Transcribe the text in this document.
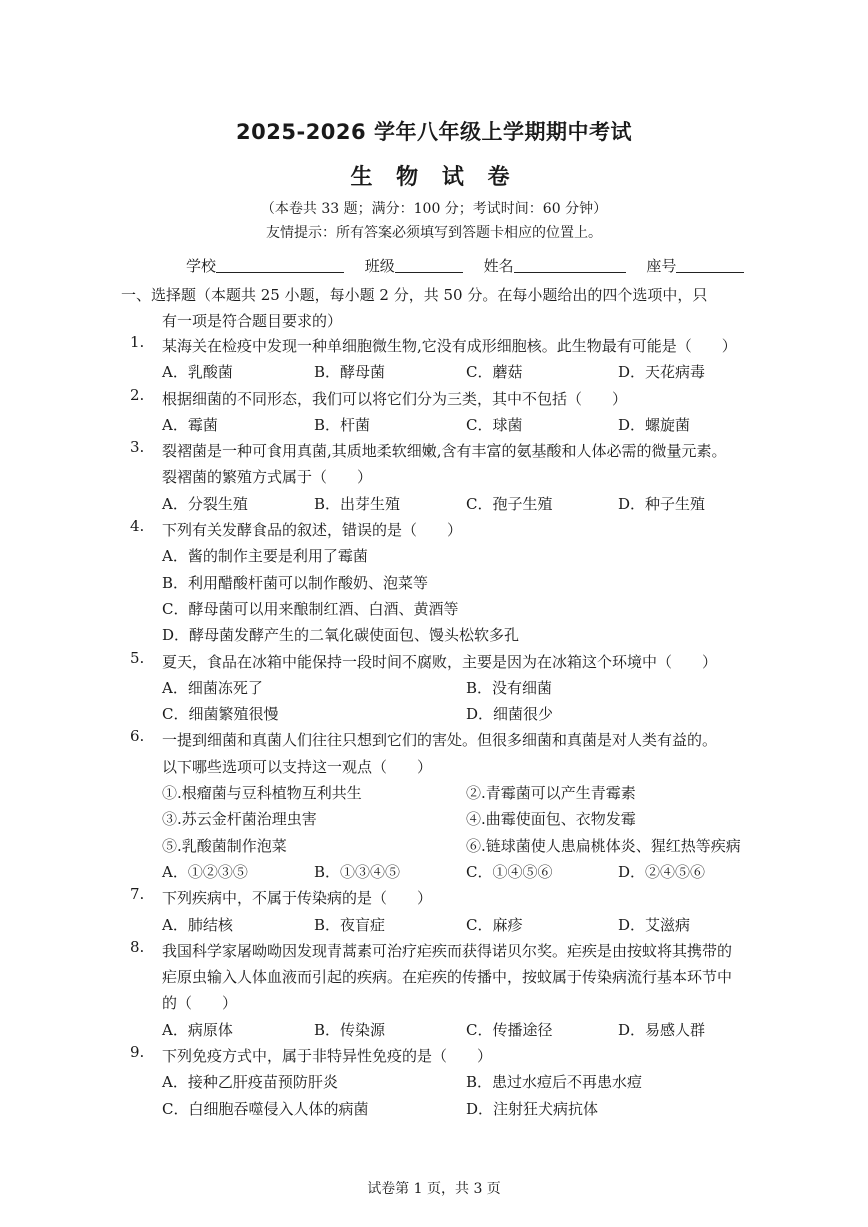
2025-2026 学年八年级上学期期中考试
生 物 试 卷
（本卷共 33 题；满分：100 分；考试时间：60 分钟）
友情提示：所有答案必须填写到答题卡相应的位置上。
学校	班级	姓名	座号
一、选择题（本题共 25 小题，每小题 2 分，共 50 分。在每小题给出的四个选项中，只
有一项是符合题目要求的）
1. 某海关在检疫中发现一种单细胞微生物,它没有成形细胞核。此生物最有可能是（　　）
A．乳酸菌	B．酵母菌	C．蘑菇	D．天花病毒
2. 根据细菌的不同形态，我们可以将它们分为三类，其中不包括（　　）
A．霉菌	B．杆菌	C．球菌	D．螺旋菌
3. 裂褶菌是一种可食用真菌,其质地柔软细嫩,含有丰富的氨基酸和人体必需的微量元素。
裂褶菌的繁殖方式属于（　　）
A．分裂生殖	B．出芽生殖	C．孢子生殖	D．种子生殖
4. 下列有关发酵食品的叙述，错误的是（　　）
A．酱的制作主要是利用了霉菌
B．利用醋酸杆菌可以制作酸奶、泡菜等
C．酵母菌可以用来酿制红酒、白酒、黄酒等
D．酵母菌发酵产生的二氧化碳使面包、馒头松软多孔
5. 夏天，食品在冰箱中能保持一段时间不腐败，主要是因为在冰箱这个环境中（　　）
A．细菌冻死了	B．没有细菌
C．细菌繁殖很慢	D．细菌很少
6. 一提到细菌和真菌人们往往只想到它们的害处。但很多细菌和真菌是对人类有益的。
以下哪些选项可以支持这一观点（　　）
①.根瘤菌与豆科植物互利共生	②.青霉菌可以产生青霉素
③.苏云金杆菌治理虫害	④.曲霉使面包、衣物发霉
⑤.乳酸菌制作泡菜	⑥.链球菌使人患扁桃体炎、猩红热等疾病
A．①②③⑤	B．①③④⑤	C．①④⑤⑥	D．②④⑤⑥
7. 下列疾病中，不属于传染病的是（　　）
A．肺结核	B．夜盲症	C．麻疹	D．艾滋病
8. 我国科学家屠呦呦因发现青蒿素可治疗疟疾而获得诺贝尔奖。疟疾是由按蚊将其携带的
疟原虫输入人体血液而引起的疾病。在疟疾的传播中，按蚊属于传染病流行基本环节中
的（　　）
A．病原体	B．传染源	C．传播途径	D．易感人群
9. 下列免疫方式中，属于非特异性免疫的是（　　）
A．接种乙肝疫苗预防肝炎	B．患过水痘后不再患水痘
C．白细胞吞噬侵入人体的病菌	D．注射狂犬病抗体
试卷第 1 页，共 3 页
